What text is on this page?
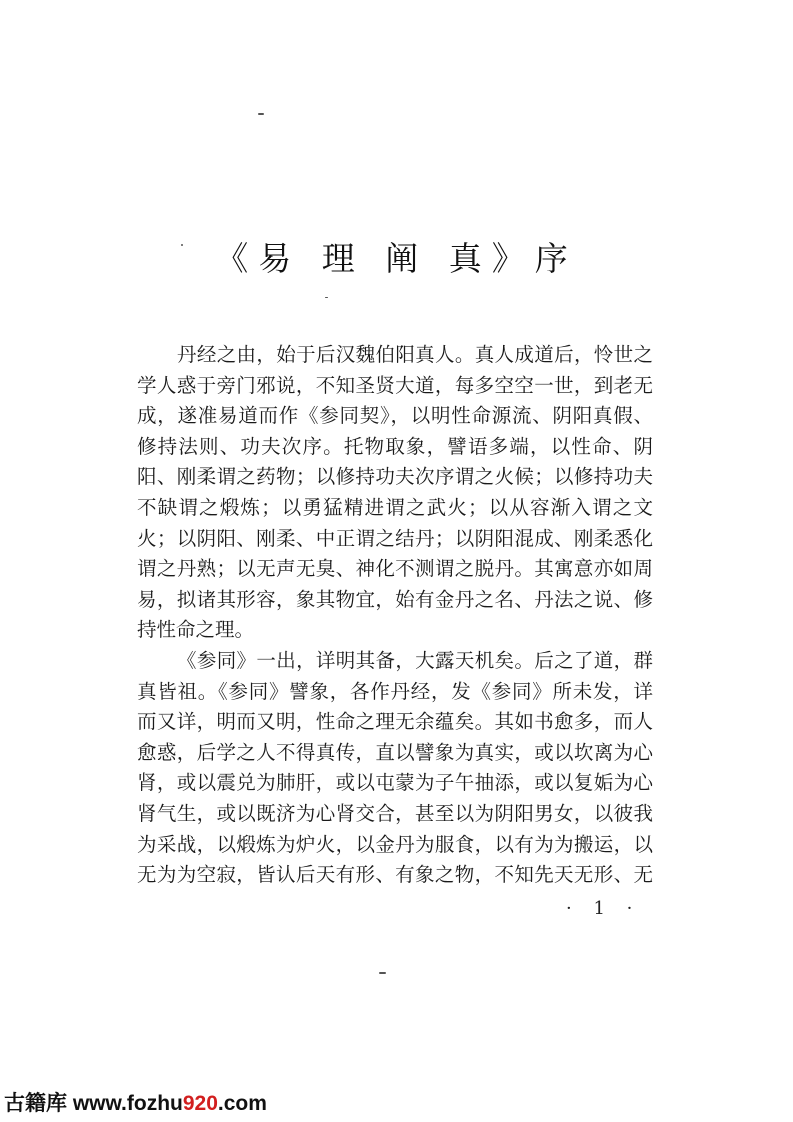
《易 理 阐 真》序
丹经之由，始于后汉魏伯阳真人。真人成道后，怜世之
学人惑于旁门邪说，不知圣贤大道，每多空空一世，到老无
成，遂准易道而作《参同契》，以明性命源流、阴阳真假、
修持法则、功夫次序。托物取象，譬语多端，以性命、阴
阳、刚柔谓之药物；以修持功夫次序谓之火候；以修持功夫
不缺谓之煅炼；以勇猛精进谓之武火；以从容渐入谓之文
火；以阴阳、刚柔、中正谓之结丹；以阴阳混成、刚柔悉化
谓之丹熟；以无声无臭、神化不测谓之脱丹。其寓意亦如周
易，拟诸其形容，象其物宜，始有金丹之名、丹法之说、修
持性命之理。
《参同》一出，详明其备，大露天机矣。后之了道，群
真皆祖。《参同》譬象，各作丹经，发《参同》所未发，详
而又详，明而又明，性命之理无余蕴矣。其如书愈多，而人
愈惑，后学之人不得真传，直以譬象为真实，或以坎离为心
肾，或以震兑为肺肝，或以屯蒙为子午抽添，或以复姤为心
肾气生，或以既济为心肾交合，甚至以为阴阳男女，以彼我
为采战，以煅炼为炉火，以金丹为服食，以有为为搬运，以
无为为空寂，皆认后天有形、有象之物，不知先天无形、无
· 1 ·
古籍库 www.fozhu920.com
